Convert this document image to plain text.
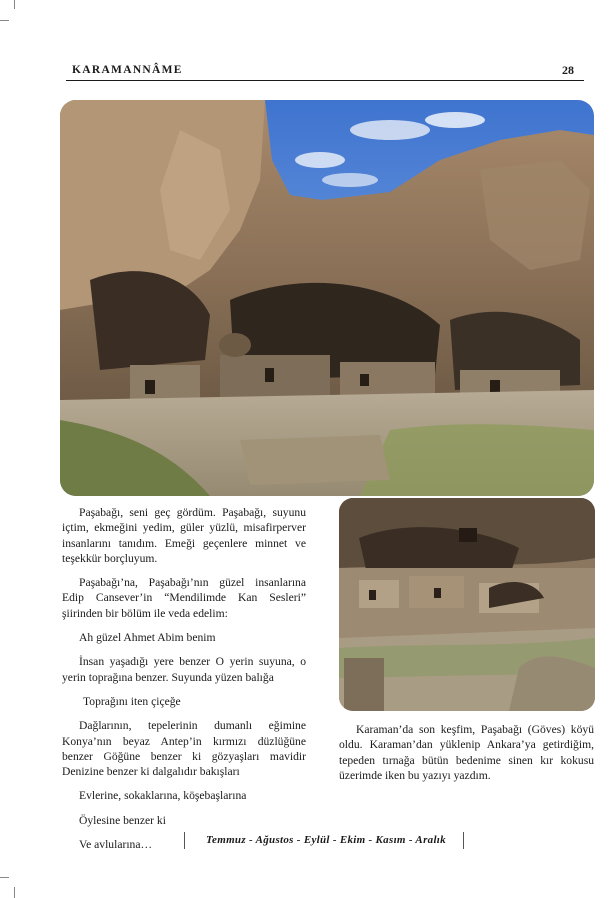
KARAMANNÂME	28

Paşabağı, seni geç gördüm. Paşabağı, suyunu içtim, ekmeğini yedim, güler yüzlü, misafirperver insanlarını tanıdım. Emeği geçenlere minnet ve teşekkür borçluyum.

Paşabağı’na, Paşabağı’nın güzel insanlarına Edip Cansever’in “Mendilimde Kan Sesleri” şiirinden bir bölüm ile veda edelim:

Ah güzel Ahmet Abim benim

İnsan yaşadığı yere benzer O yerin suyuna, o yerin toprağına benzer. Suyunda yüzen balığa

Toprağını iten çiçeğe

Dağlarının, tepelerinin dumanlı eğimine Konya’nın beyaz Antep’in kırmızı düzlüğüne benzer Göğüne benzer ki gözyaşları mavidir Denizine benzer ki dalgalıdır bakışları

Evlerine, sokaklarına, köşebaşlarına

Öylesine benzer ki

Ve avlularına…

Karaman’da son keşfim, Paşabağı (Göves) köyü oldu. Karaman’dan yüklenip Ankara’ya getirdiğim, tepeden tırnağa bütün bedenime sinen kır kokusu üzerimde iken bu yazıyı yazdım.
Temmuz - Ağustos - Eylül - Ekim - Kasım - Aralık
